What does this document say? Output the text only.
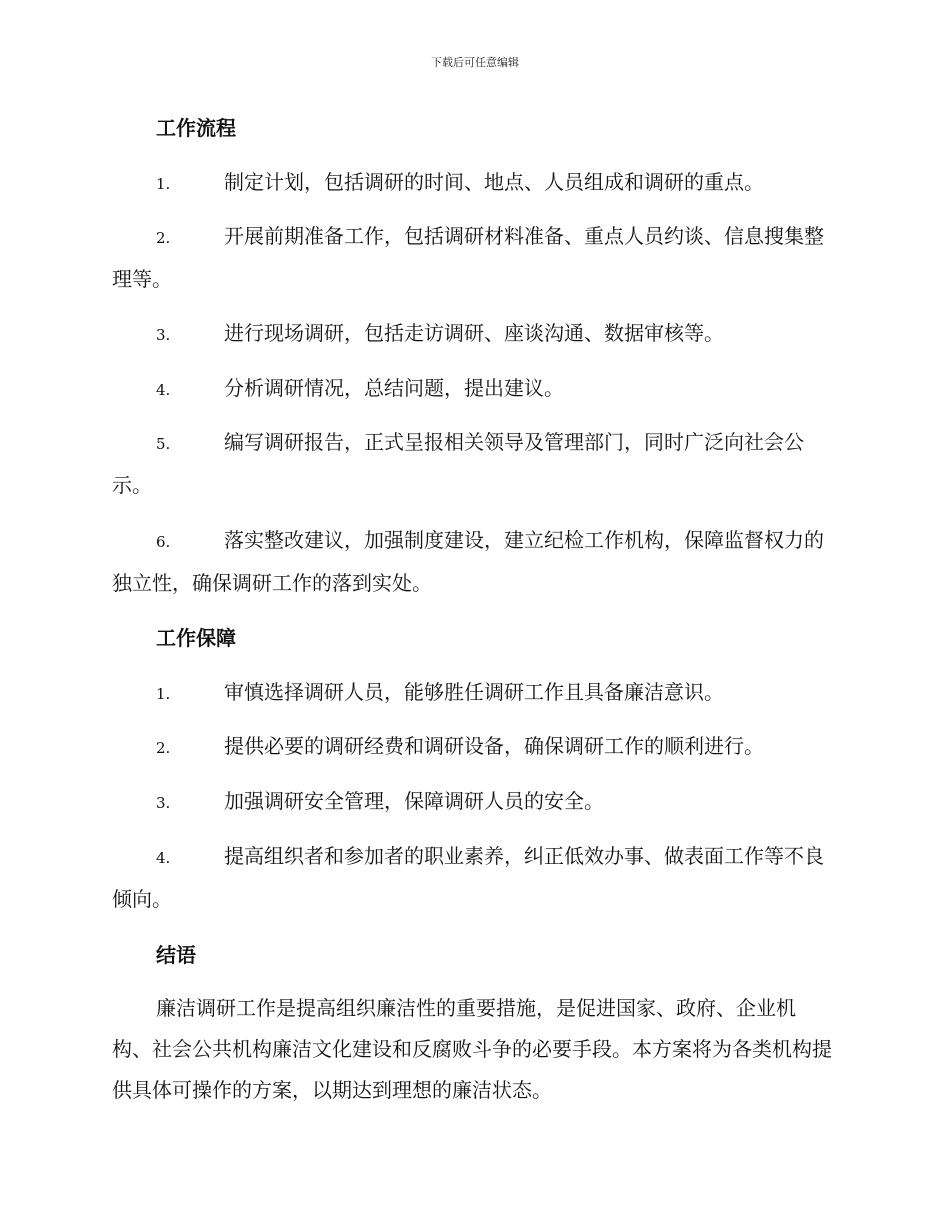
下载后可任意编辑
工作流程
1.	制定计划，包括调研的时间、地点、人员组成和调研的重点。
2.	开展前期准备工作，包括调研材料准备、重点人员约谈、信息搜集整理等。
3.	进行现场调研，包括走访调研、座谈沟通、数据审核等。
4.	分析调研情况，总结问题，提出建议。
5.	编写调研报告，正式呈报相关领导及管理部门，同时广泛向社会公示。
6.	落实整改建议，加强制度建设，建立纪检工作机构，保障监督权力的独立性，确保调研工作的落到实处。
工作保障
1.	审慎选择调研人员，能够胜任调研工作且具备廉洁意识。
2.	提供必要的调研经费和调研设备，确保调研工作的顺利进行。
3.	加强调研安全管理，保障调研人员的安全。
4.	提高组织者和参加者的职业素养，纠正低效办事、做表面工作等不良倾向。
结语
廉洁调研工作是提高组织廉洁性的重要措施，是促进国家、政府、企业机构、社会公共机构廉洁文化建设和反腐败斗争的必要手段。本方案将为各类机构提供具体可操作的方案，以期达到理想的廉洁状态。
